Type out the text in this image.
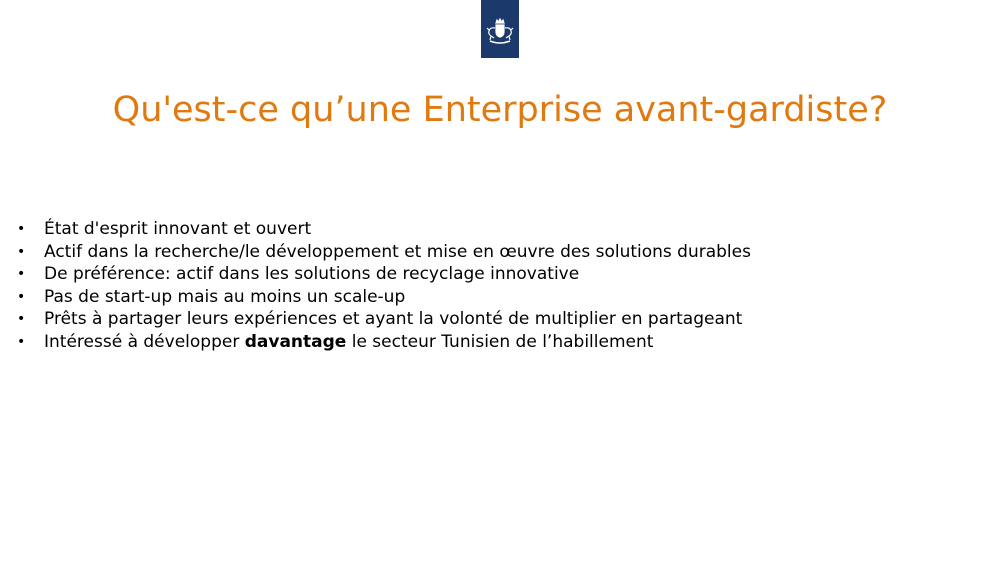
Qu'est-ce qu’une Enterprise avant-gardiste?
• État d'esprit innovant et ouvert
• Actif dans la recherche/le développement et mise en œuvre des solutions durables
• De préférence: actif dans les solutions de recyclage innovative
• Pas de start-up mais au moins un scale-up
• Prêts à partager leurs expériences et ayant la volonté de multiplier en partageant
• Intéressé à développer davantage le secteur Tunisien de l’habillement
